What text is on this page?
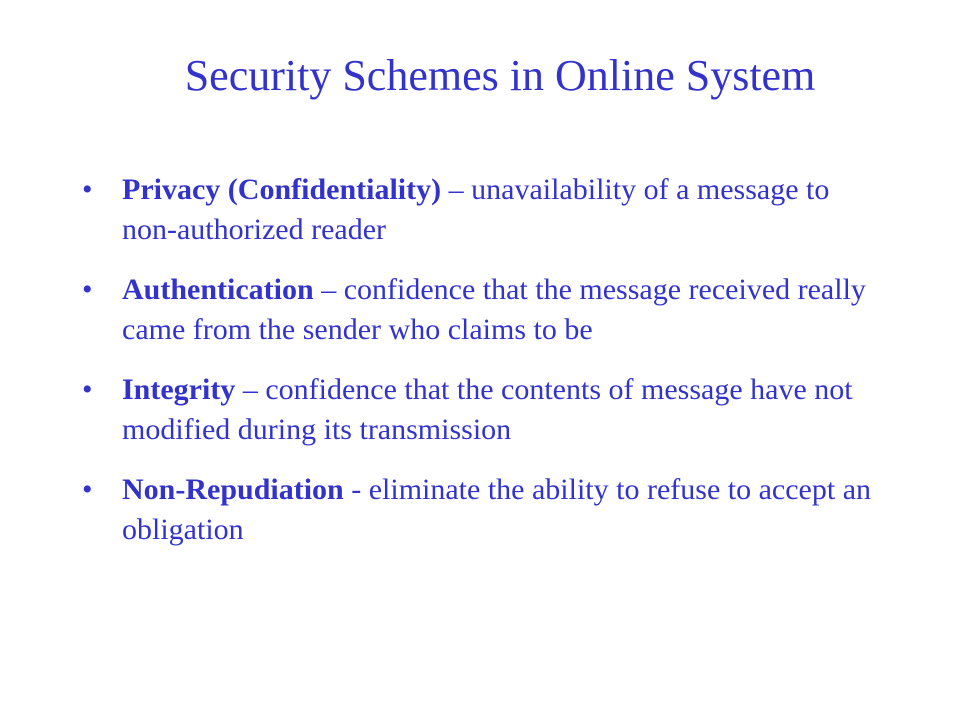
Security Schemes in Online System
• Privacy (Confidentiality) – unavailability of a message to non-authorized reader
• Authentication – confidence that the message received really came from the sender who claims to be
• Integrity – confidence that the contents of message have not modified during its transmission
• Non-Repudiation - eliminate the ability to refuse to accept an obligation
